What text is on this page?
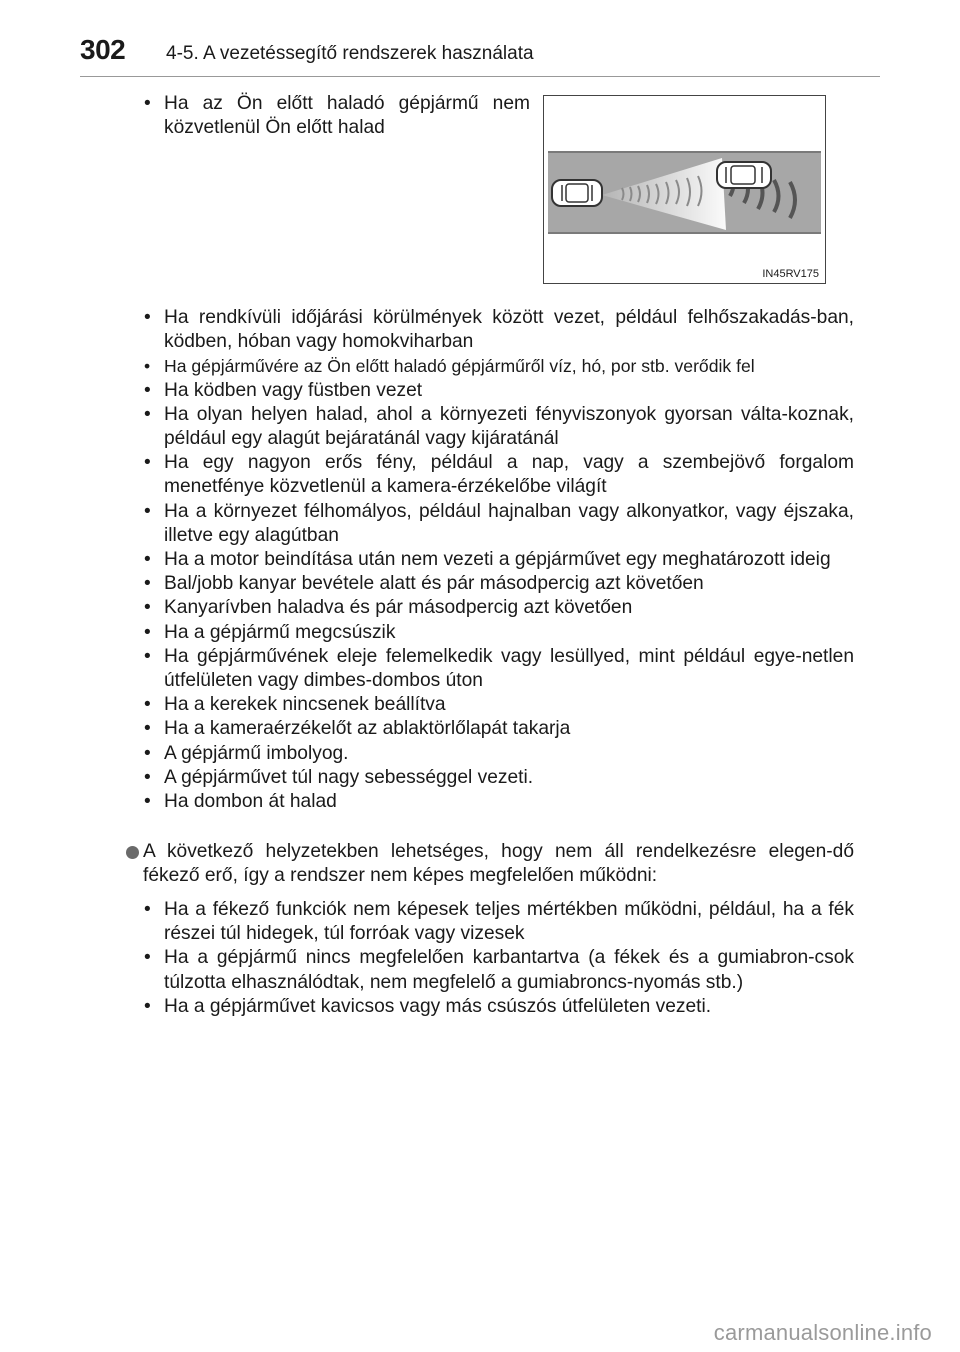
302 4-5. A vezetéssegítő rendszerek használata
• Ha az Ön előtt haladó gépjármű nem közvetlenül Ön előtt halad
IN45RV175
• Ha rendkívüli időjárási körülmények között vezet, például felhőszakadás-ban, ködben, hóban vagy homokviharban
• Ha gépjárművére az Ön előtt haladó gépjárműről víz, hó, por stb. verődik fel
• Ha ködben vagy füstben vezet
• Ha olyan helyen halad, ahol a környezeti fényviszonyok gyorsan válta-koznak, például egy alagút bejáratánál vagy kijáratánál
• Ha egy nagyon erős fény, például a nap, vagy a szembejövő forgalom menetfénye közvetlenül a kamera-érzékelőbe világít
• Ha a környezet félhomályos, például hajnalban vagy alkonyatkor, vagy éjszaka, illetve egy alagútban
• Ha a motor beindítása után nem vezeti a gépjárművet egy meghatározott ideig
• Bal/jobb kanyar bevétele alatt és pár másodpercig azt követően
• Kanyarívben haladva és pár másodpercig azt követően
• Ha a gépjármű megcsúszik
• Ha gépjárművének eleje felemelkedik vagy lesüllyed, mint például egye-netlen útfelületen vagy dimbes-dombos úton
• Ha a kerekek nincsenek beállítva
• Ha a kameraérzékelőt az ablaktörlőlapát takarja
• A gépjármű imbolyog.
• A gépjárművet túl nagy sebességgel vezeti.
• Ha dombon át halad
A következő helyzetekben lehetséges, hogy nem áll rendelkezésre elegen-dő fékező erő, így a rendszer nem képes megfelelően működni:
• Ha a fékező funkciók nem képesek teljes mértékben működni, például, ha a fék részei túl hidegek, túl forróak vagy vizesek
• Ha a gépjármű nincs megfelelően karbantartva (a fékek és a gumiabron-csok túlzotta elhasználódtak, nem megfelelő a gumiabroncs-nyomás stb.)
• Ha a gépjárművet kavicsos vagy más csúszós útfelületen vezeti.
carmanualsonline.info
